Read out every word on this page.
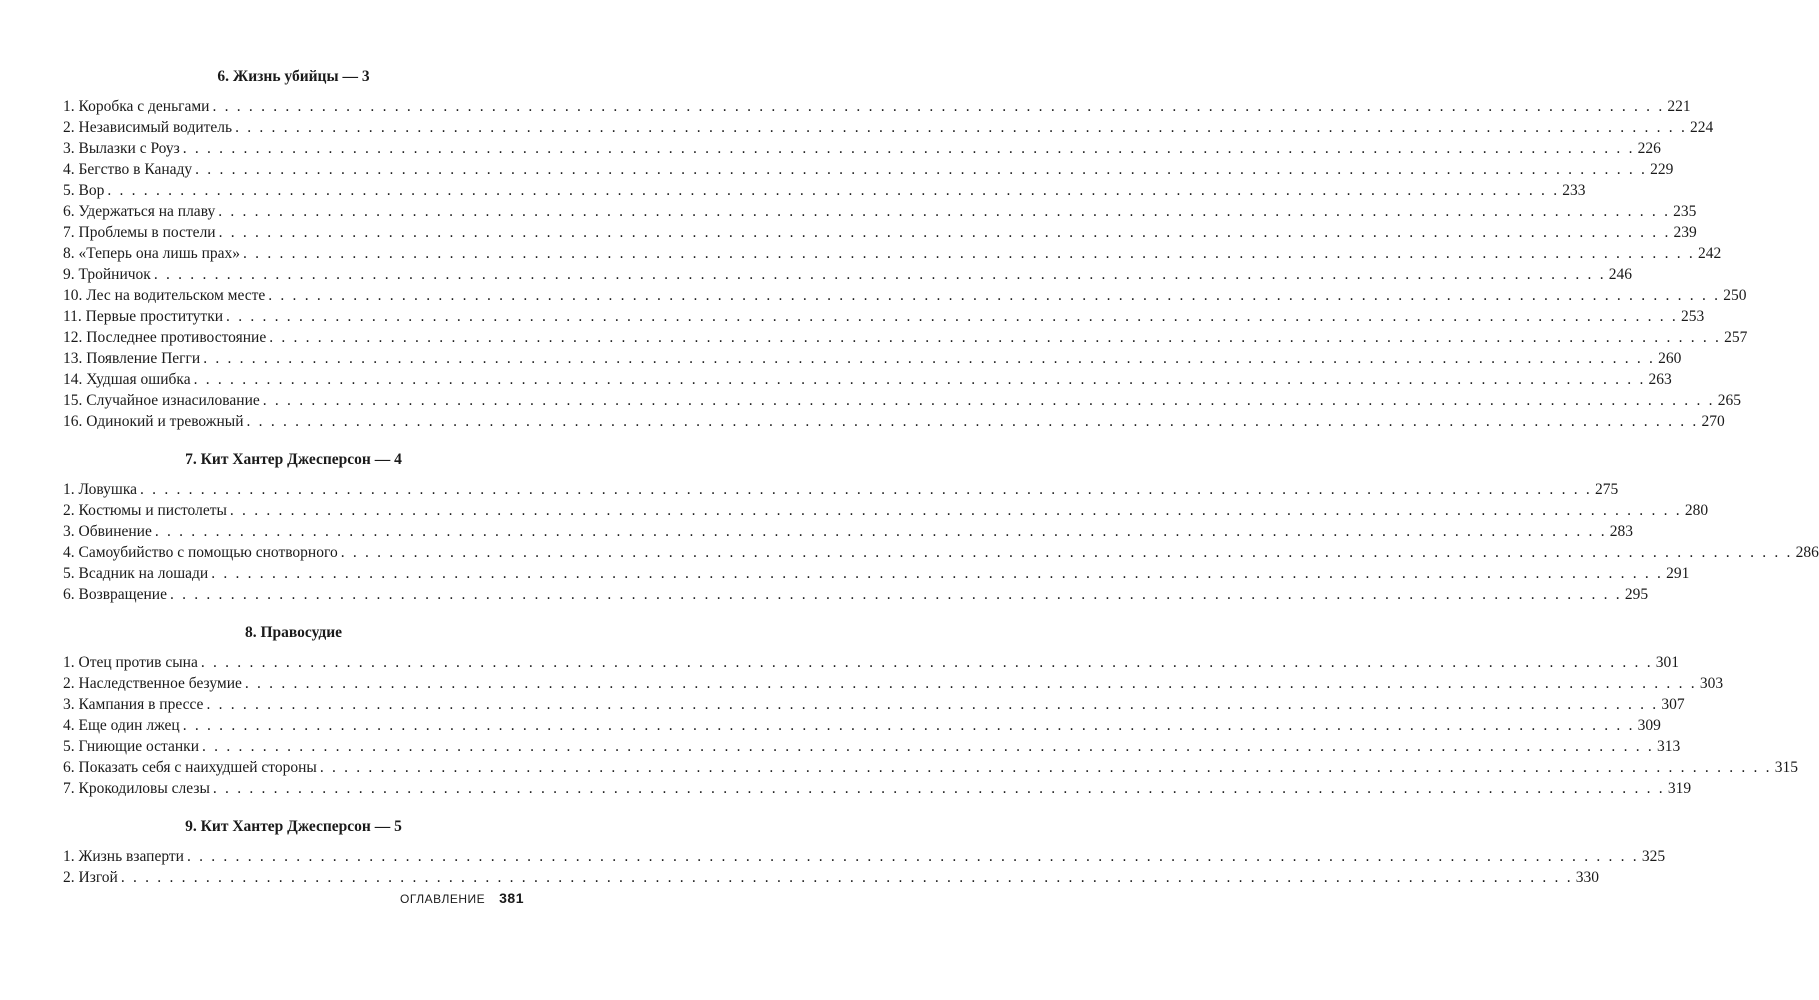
6. Жизнь убийцы — 3
1. Коробка с деньгами . . . . . . . . . . . . . . . . . . . . . . . . . . . . . . . . . . . . . . . . . . . . . . . . . . . . . . . . . . . . . . . . . . . . . . . . . . . . . . . . . . . . . . . . . . . . . . . . . . . . . . . . . . . . . . . . . . . . . . . . 221
2. Независимый водитель . . . . . . . . . . . . . . . . . . . . . . . . . . . . . . . . . . . . . . . . . . . . . . . . . . . . . . . . . . . . . . . . . . . . . . . . . . . . . . . . . . . . . . . . . . . . . . . . . . . . . . . . . . . . . . . . . . . . . . . . 224
3. Вылазки с Роуз . . . . . . . . . . . . . . . . . . . . . . . . . . . . . . . . . . . . . . . . . . . . . . . . . . . . . . . . . . . . . . . . . . . . . . . . . . . . . . . . . . . . . . . . . . . . . . . . . . . . . . . . . . . . . . . . . . . . . . . . 226
4. Бегство в Канаду . . . . . . . . . . . . . . . . . . . . . . . . . . . . . . . . . . . . . . . . . . . . . . . . . . . . . . . . . . . . . . . . . . . . . . . . . . . . . . . . . . . . . . . . . . . . . . . . . . . . . . . . . . . . . . . . . . . . . . . . 229
5. Вор . . . . . . . . . . . . . . . . . . . . . . . . . . . . . . . . . . . . . . . . . . . . . . . . . . . . . . . . . . . . . . . . . . . . . . . . . . . . . . . . . . . . . . . . . . . . . . . . . . . . . . . . . . . . . . . . . . . . . . . . 233
6. Удержаться на плаву . . . . . . . . . . . . . . . . . . . . . . . . . . . . . . . . . . . . . . . . . . . . . . . . . . . . . . . . . . . . . . . . . . . . . . . . . . . . . . . . . . . . . . . . . . . . . . . . . . . . . . . . . . . . . . . . . . . . . . . . 235
7. Проблемы в постели . . . . . . . . . . . . . . . . . . . . . . . . . . . . . . . . . . . . . . . . . . . . . . . . . . . . . . . . . . . . . . . . . . . . . . . . . . . . . . . . . . . . . . . . . . . . . . . . . . . . . . . . . . . . . . . . . . . . . . . . 239
8. «Теперь она лишь прах» . . . . . . . . . . . . . . . . . . . . . . . . . . . . . . . . . . . . . . . . . . . . . . . . . . . . . . . . . . . . . . . . . . . . . . . . . . . . . . . . . . . . . . . . . . . . . . . . . . . . . . . . . . . . . . . . . . . . . . . . 242
9. Тройничок . . . . . . . . . . . . . . . . . . . . . . . . . . . . . . . . . . . . . . . . . . . . . . . . . . . . . . . . . . . . . . . . . . . . . . . . . . . . . . . . . . . . . . . . . . . . . . . . . . . . . . . . . . . . . . . . . . . . . . . . 246
10. Лес на водительском месте . . . . . . . . . . . . . . . . . . . . . . . . . . . . . . . . . . . . . . . . . . . . . . . . . . . . . . . . . . . . . . . . . . . . . . . . . . . . . . . . . . . . . . . . . . . . . . . . . . . . . . . . . . . . . . . . . . . . . . . . 250
11. Первые проститутки . . . . . . . . . . . . . . . . . . . . . . . . . . . . . . . . . . . . . . . . . . . . . . . . . . . . . . . . . . . . . . . . . . . . . . . . . . . . . . . . . . . . . . . . . . . . . . . . . . . . . . . . . . . . . . . . . . . . . . . . 253
12. Последнее противостояние . . . . . . . . . . . . . . . . . . . . . . . . . . . . . . . . . . . . . . . . . . . . . . . . . . . . . . . . . . . . . . . . . . . . . . . . . . . . . . . . . . . . . . . . . . . . . . . . . . . . . . . . . . . . . . . . . . . . . . . . 257
13. Появление Пегги . . . . . . . . . . . . . . . . . . . . . . . . . . . . . . . . . . . . . . . . . . . . . . . . . . . . . . . . . . . . . . . . . . . . . . . . . . . . . . . . . . . . . . . . . . . . . . . . . . . . . . . . . . . . . . . . . . . . . . . . 260
14. Худшая ошибка . . . . . . . . . . . . . . . . . . . . . . . . . . . . . . . . . . . . . . . . . . . . . . . . . . . . . . . . . . . . . . . . . . . . . . . . . . . . . . . . . . . . . . . . . . . . . . . . . . . . . . . . . . . . . . . . . . . . . . . . 263
15. Случайное изнасилование . . . . . . . . . . . . . . . . . . . . . . . . . . . . . . . . . . . . . . . . . . . . . . . . . . . . . . . . . . . . . . . . . . . . . . . . . . . . . . . . . . . . . . . . . . . . . . . . . . . . . . . . . . . . . . . . . . . . . . . . 265
16. Одинокий и тревожный . . . . . . . . . . . . . . . . . . . . . . . . . . . . . . . . . . . . . . . . . . . . . . . . . . . . . . . . . . . . . . . . . . . . . . . . . . . . . . . . . . . . . . . . . . . . . . . . . . . . . . . . . . . . . . . . . . . . . . . . 270
7. Кит Хантер Джесперсон — 4
1. Ловушка . . . . . . . . . . . . . . . . . . . . . . . . . . . . . . . . . . . . . . . . . . . . . . . . . . . . . . . . . . . . . . . . . . . . . . . . . . . . . . . . . . . . . . . . . . . . . . . . . . . . . . . . . . . . . . . . . . . . . . . . 275
2. Костюмы и пистолеты . . . . . . . . . . . . . . . . . . . . . . . . . . . . . . . . . . . . . . . . . . . . . . . . . . . . . . . . . . . . . . . . . . . . . . . . . . . . . . . . . . . . . . . . . . . . . . . . . . . . . . . . . . . . . . . . . . . . . . . . 280
3. Обвинение . . . . . . . . . . . . . . . . . . . . . . . . . . . . . . . . . . . . . . . . . . . . . . . . . . . . . . . . . . . . . . . . . . . . . . . . . . . . . . . . . . . . . . . . . . . . . . . . . . . . . . . . . . . . . . . . . . . . . . . . 283
4. Самоубийство с помощью снотворного . . . . . . . . . . . . . . . . . . . . . . . . . . . . . . . . . . . . . . . . . . . . . . . . . . . . . . . . . . . . . . . . . . . . . . . . . . . . . . . . . . . . . . . . . . . . . . . . . . . . . . . . . . . . . . . . . . . . . . . . 286
5. Всадник на лошади . . . . . . . . . . . . . . . . . . . . . . . . . . . . . . . . . . . . . . . . . . . . . . . . . . . . . . . . . . . . . . . . . . . . . . . . . . . . . . . . . . . . . . . . . . . . . . . . . . . . . . . . . . . . . . . . . . . . . . . . 291
6. Возвращение . . . . . . . . . . . . . . . . . . . . . . . . . . . . . . . . . . . . . . . . . . . . . . . . . . . . . . . . . . . . . . . . . . . . . . . . . . . . . . . . . . . . . . . . . . . . . . . . . . . . . . . . . . . . . . . . . . . . . . . . 295
8. Правосудие
1. Отец против сына . . . . . . . . . . . . . . . . . . . . . . . . . . . . . . . . . . . . . . . . . . . . . . . . . . . . . . . . . . . . . . . . . . . . . . . . . . . . . . . . . . . . . . . . . . . . . . . . . . . . . . . . . . . . . . . . . . . . . . . . 301
2. Наследственное безумие . . . . . . . . . . . . . . . . . . . . . . . . . . . . . . . . . . . . . . . . . . . . . . . . . . . . . . . . . . . . . . . . . . . . . . . . . . . . . . . . . . . . . . . . . . . . . . . . . . . . . . . . . . . . . . . . . . . . . . . . 303
3. Кампания в прессе . . . . . . . . . . . . . . . . . . . . . . . . . . . . . . . . . . . . . . . . . . . . . . . . . . . . . . . . . . . . . . . . . . . . . . . . . . . . . . . . . . . . . . . . . . . . . . . . . . . . . . . . . . . . . . . . . . . . . . . . 307
4. Еще один лжец . . . . . . . . . . . . . . . . . . . . . . . . . . . . . . . . . . . . . . . . . . . . . . . . . . . . . . . . . . . . . . . . . . . . . . . . . . . . . . . . . . . . . . . . . . . . . . . . . . . . . . . . . . . . . . . . . . . . . . . . 309
5. Гниющие останки . . . . . . . . . . . . . . . . . . . . . . . . . . . . . . . . . . . . . . . . . . . . . . . . . . . . . . . . . . . . . . . . . . . . . . . . . . . . . . . . . . . . . . . . . . . . . . . . . . . . . . . . . . . . . . . . . . . . . . . . 313
6. Показать себя с наихудшей стороны . . . . . . . . . . . . . . . . . . . . . . . . . . . . . . . . . . . . . . . . . . . . . . . . . . . . . . . . . . . . . . . . . . . . . . . . . . . . . . . . . . . . . . . . . . . . . . . . . . . . . . . . . . . . . . . . . . . . . . . . 315
7. Крокодиловы слезы . . . . . . . . . . . . . . . . . . . . . . . . . . . . . . . . . . . . . . . . . . . . . . . . . . . . . . . . . . . . . . . . . . . . . . . . . . . . . . . . . . . . . . . . . . . . . . . . . . . . . . . . . . . . . . . . . . . . . . . . 319
9. Кит Хантер Джесперсон — 5
1. Жизнь взаперти . . . . . . . . . . . . . . . . . . . . . . . . . . . . . . . . . . . . . . . . . . . . . . . . . . . . . . . . . . . . . . . . . . . . . . . . . . . . . . . . . . . . . . . . . . . . . . . . . . . . . . . . . . . . . . . . . . . . . . . . 325
2. Изгой . . . . . . . . . . . . . . . . . . . . . . . . . . . . . . . . . . . . . . . . . . . . . . . . . . . . . . . . . . . . . . . . . . . . . . . . . . . . . . . . . . . . . . . . . . . . . . . . . . . . . . . . . . . . . . . . . . . . . . . . 330
ОГЛАВЛЕНИЕ 381
